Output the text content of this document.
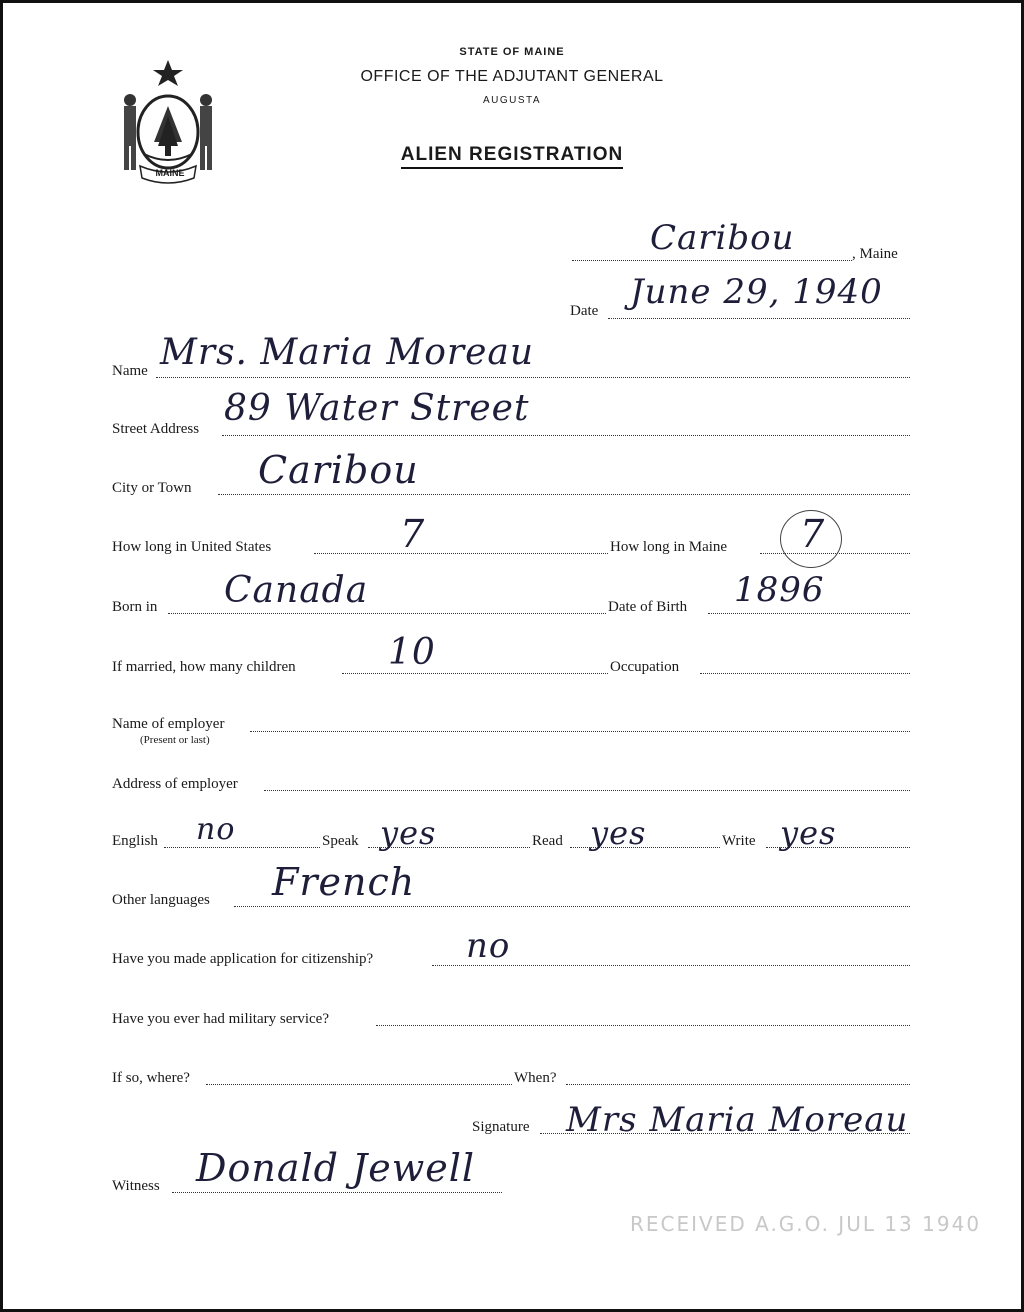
MAINE
STATE OF MAINE
OFFICE OF THE ADJUTANT GENERAL
AUGUSTA
ALIEN REGISTRATION
Caribou	, Maine
Date June 29, 1940
Name Mrs. Maria Moreau
Street Address 89 Water Street
City or Town Caribou
How long in United States	7	How long in Maine 7
Born in Canada	Date of Birth 1896
If married, how many children	10	Occupation
Name of employer
(Present or last)
Address of employer
English no	Speak yes	Read yes	Write yes
Other languages French
Have you made application for citizenship?	no
Have you ever had military service?
If so, where?	When?
Signature Mrs Maria Moreau
Witness Donald Jewell
RECEIVED A.G.O. JUL 13 1940
